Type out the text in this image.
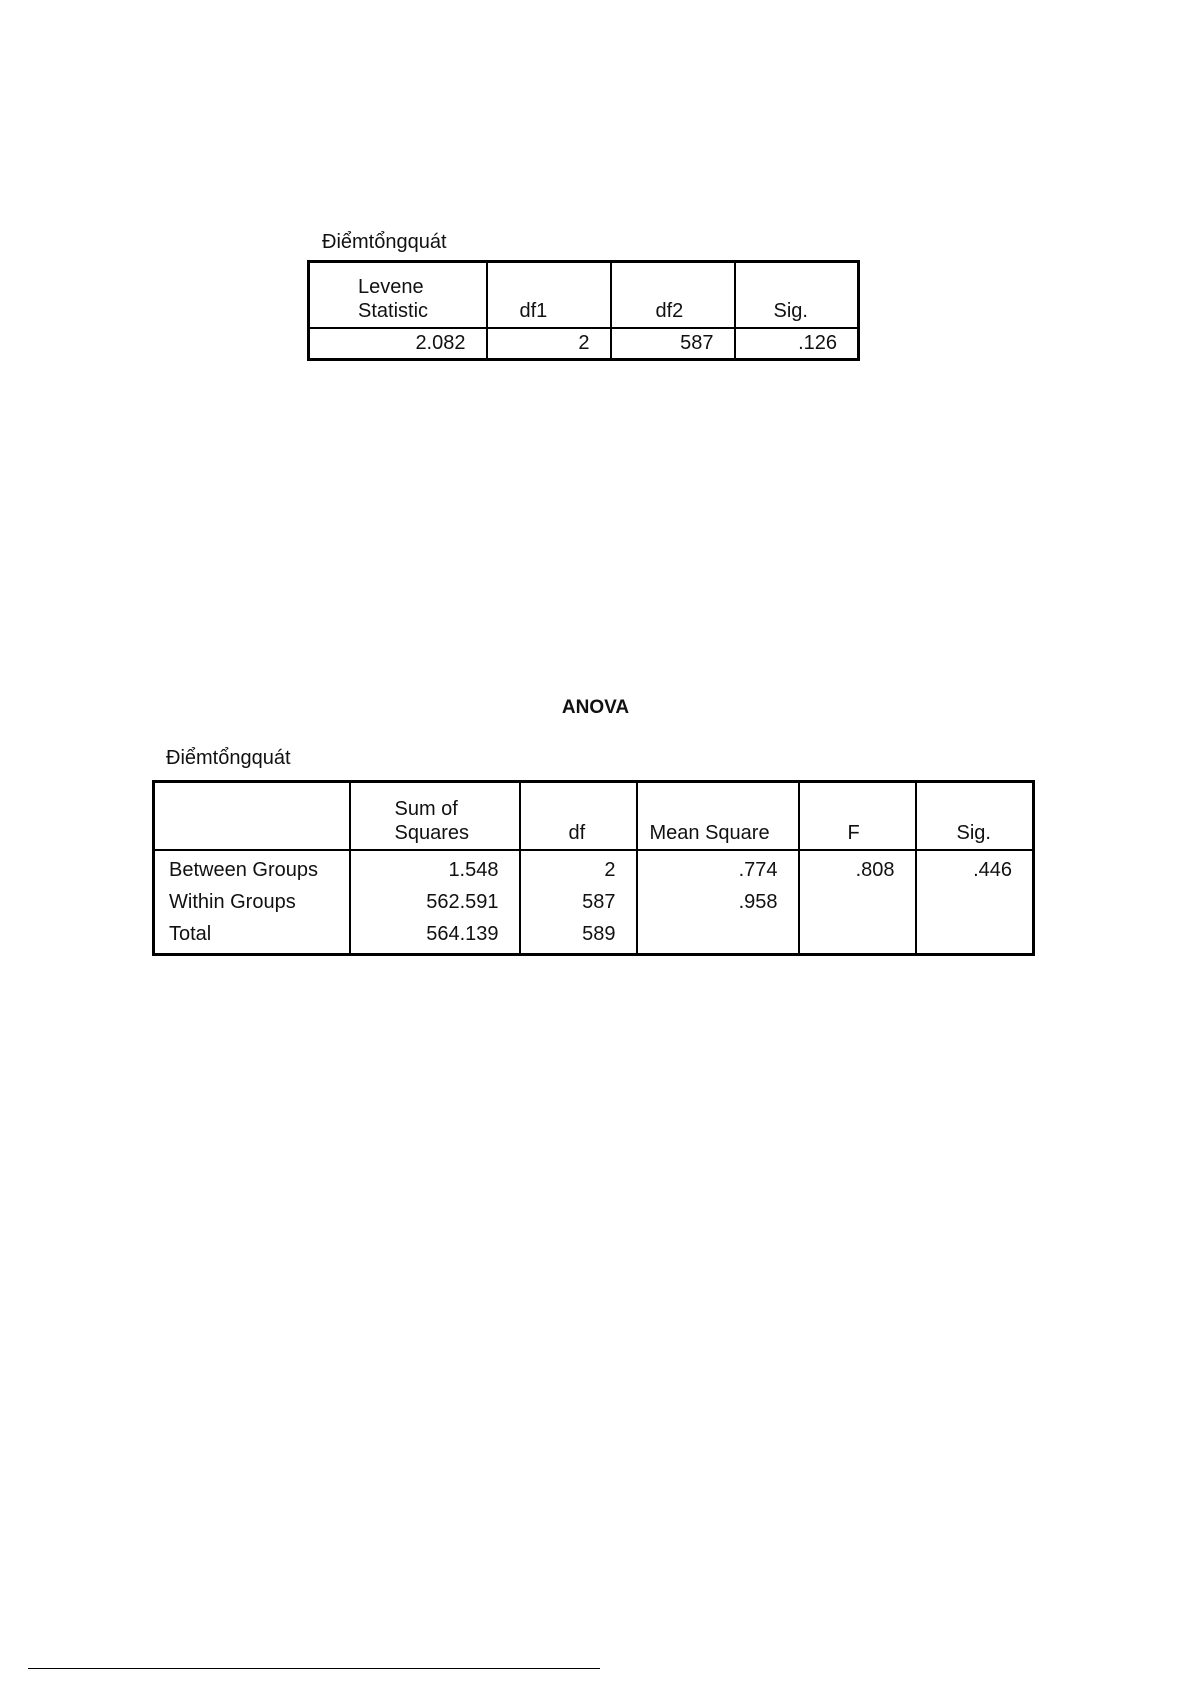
Điểmtổngquát
Levene
Statistic	df1	df2	Sig.
2.082	2	587	.126
ANOVA
Điểmtổngquát

	Sum of
Squares	df	Mean Square	F	Sig.
Between Groups	1.548	2	.774	.808	.446
Within Groups	562.591	587	.958		
Total	564.139	589			
